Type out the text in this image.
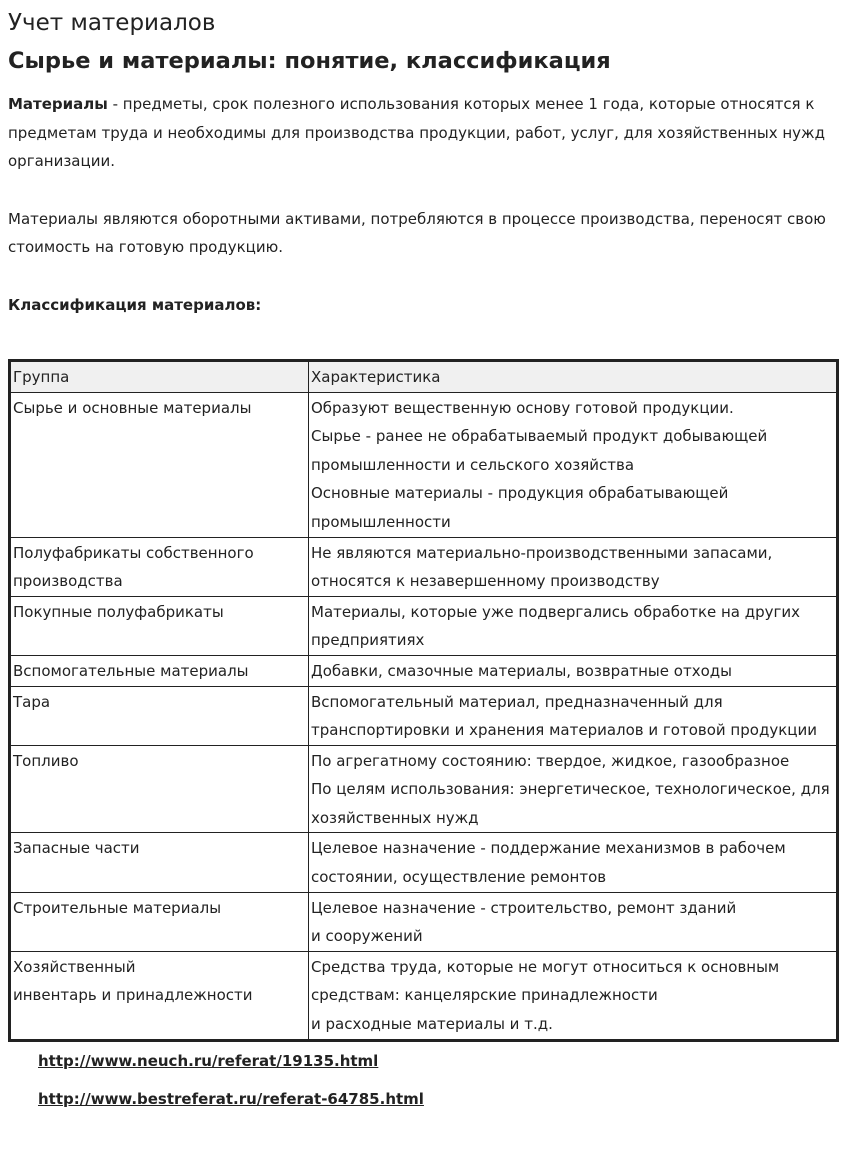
Учет материалов
Сырье и материалы: понятие, классификация

Материалы - предметы, срок полезного использования которых менее 1 года, которые относятся к предметам труда и необходимы для производства продукции, работ, услуг, для хозяйственных нужд организации.

Материалы являются оборотными активами, потребляются в процессе производства, переносят свою стоимость на готовую продукцию.

Классификация материалов:
Группа	Характеристика

Сырье и основные материалы	Образуют вещественную основу готовой продукции.
Сырье - ранее не обрабатываемый продукт добывающей промышленности и сельского хозяйства
Основные материалы - продукция обрабатывающей промышленности

Полуфабрикаты собственного производства	Не являются материально-производственными запасами, относятся к незавершенному производству

Покупные полуфабрикаты	Материалы, которые уже подвергались обработке на других предприятиях

Вспомогательные материалы	Добавки, смазочные материалы, возвратные отходы

Тара	Вспомогательный материал, предназначенный для транспортировки и хранения материалов и готовой продукции

Топливо	По агрегатному состоянию: твердое, жидкое, газообразное
По целям использования: энергетическое, технологическое, для хозяйственных нужд

Запасные части	Целевое назначение - поддержание механизмов в рабочем состоянии, осуществление ремонтов

Строительные материалы	Целевое назначение - строительство, ремонт зданий
и сооружений

Хозяйственный
инвентарь и принадлежности	Средства труда, которые не могут относиться к основным средствам: канцелярские принадлежности
и расходные материалы и т.д.
http://www.neuch.ru/referat/19135.html
http://www.bestreferat.ru/referat-64785.html
